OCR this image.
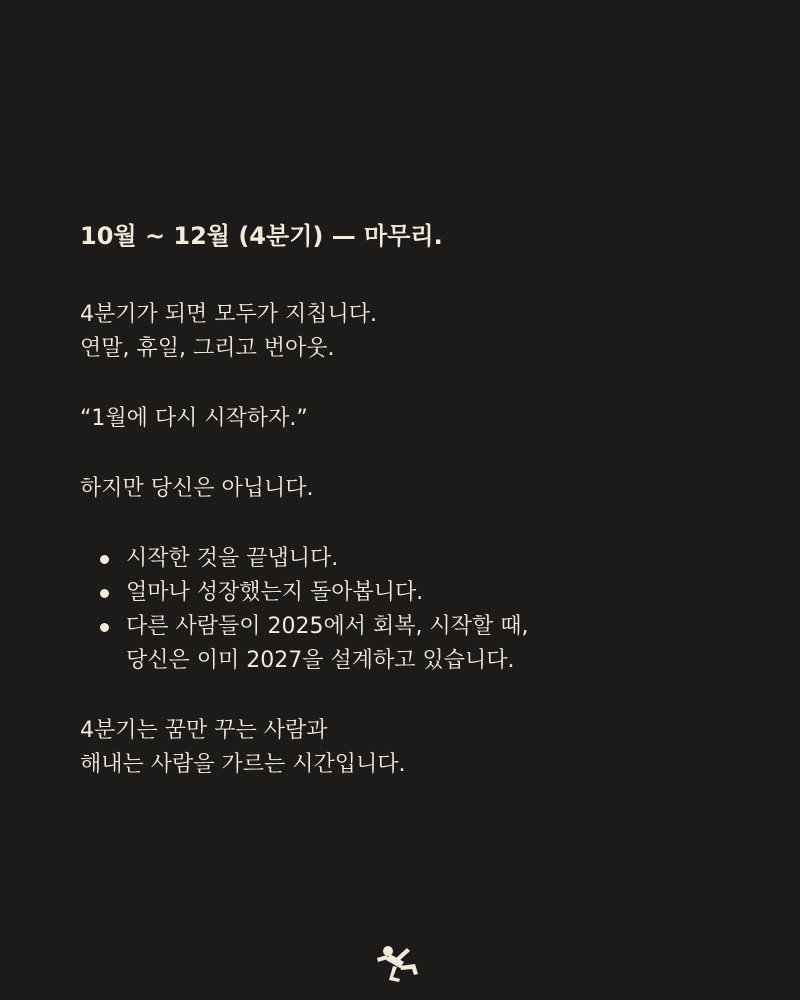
10월 ~ 12월 (4분기) — 마무리.

4분기가 되면 모두가 지칩니다.

연말, 휴일, 그리고 번아웃.

“1월에 다시 시작하자.”

하지만 당신은 아닙니다.

시작한 것을 끝냅니다.
얼마나 성장했는지 돌아봅니다.
다른 사람들이 2025에서 회복, 시작할 때,
당신은 이미 2027을 설계하고 있습니다.

4분기는 꿈만 꾸는 사람과

해내는 사람을 가르는 시간입니다.
